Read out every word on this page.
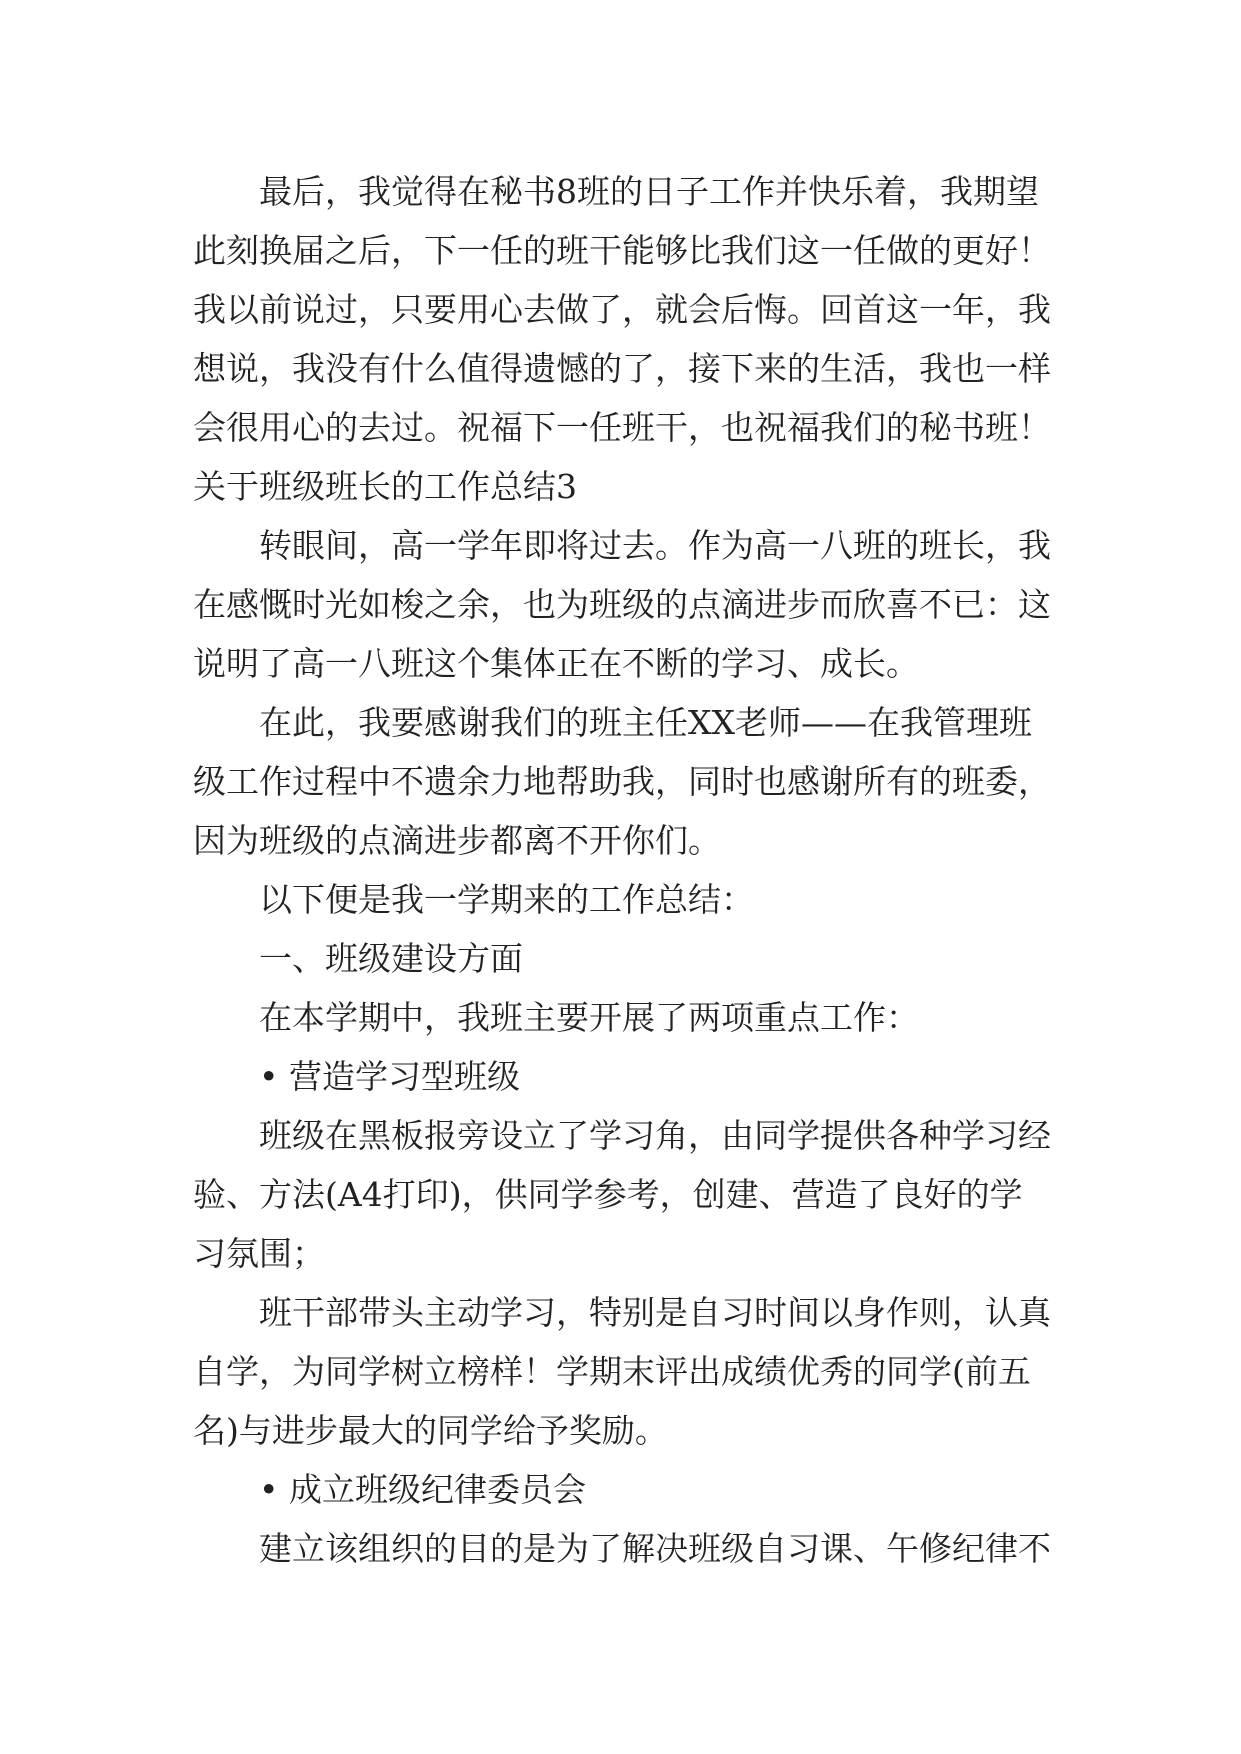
最后，我觉得在秘书8班的日子工作并快乐着，我期望此刻换届之后，下一任的班干能够比我们这一任做的更好！我以前说过，只要用心去做了，就会后悔。回首这一年，我想说，我没有什么值得遗憾的了，接下来的生活，我也一样会很用心的去过。祝福下一任班干，也祝福我们的秘书班！

关于班级班长的工作总结3

转眼间，高一学年即将过去。作为高一八班的班长，我在感慨时光如梭之余，也为班级的点滴进步而欣喜不已：这说明了高一八班这个集体正在不断的学习、成长。

在此，我要感谢我们的班主任XX老师——在我管理班级工作过程中不遗余力地帮助我，同时也感谢所有的班委，因为班级的点滴进步都离不开你们。

以下便是我一学期来的工作总结：

一、班级建设方面

在本学期中，我班主要开展了两项重点工作：

• 营造学习型班级

班级在黑板报旁设立了学习角，由同学提供各种学习经验、方法(A4打印)，供同学参考，创建、营造了良好的学习氛围；

班干部带头主动学习，特别是自习时间以身作则，认真自学，为同学树立榜样！学期末评出成绩优秀的同学(前五名)与进步最大的同学给予奖励。

• 成立班级纪律委员会

建立该组织的目的是为了解决班级自习课、午修纪律不
